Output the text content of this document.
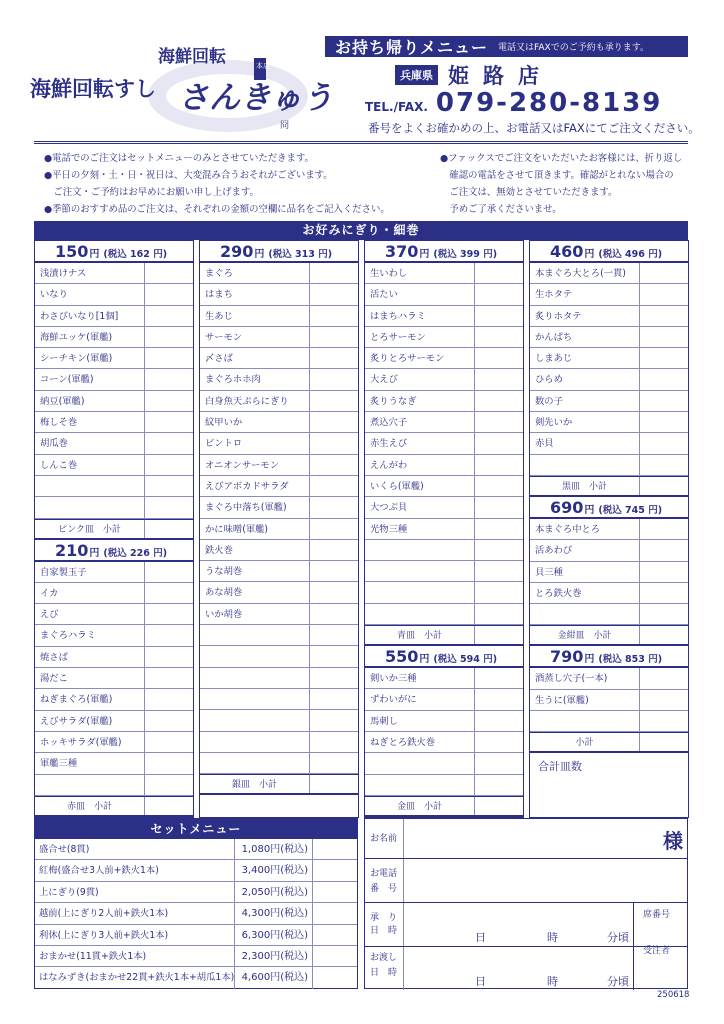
海鮮回転
海鮮回転すし さんきゅう
本店
冏
お持ち帰りメニュー 電話又はFAXでのご予約も承ります。
兵庫県 姫路店
TEL./FAX. 079-280-8139
番号をよくお確かめの上、お電話又はFAXにてご注文ください。
●電話でのご注文はセットメニューのみとさせていただきます。
●平日の夕刻・土・日・祝日は、大変混み合うおそれがございます。
　ご注文・ご予約はお早めにお願い申し上げます。
●季節のおすすめ品のご注文は、それぞれの金額の空欄に品名をご記入ください。
●ファックスでご注文をいただいたお客様には、折り返し
　確認の電話をさせて頂きます。確認がとれない場合の
　ご注文は、無効とさせていただきます。
　予めご了承くださいませ。
お好みにぎり・細巻
150 円 (税込 162 円)
浅漬けナス
いなり
わさびいなり[1個]
海鮮ユッケ(軍艦)
シーチキン(軍艦)
コーン(軍艦)
納豆(軍艦)
梅しそ巻
胡瓜巻
しんこ巻
ピンク皿　小計
210 円 (税込 226 円)
自家製玉子
イカ
えび
まぐろハラミ
焼さば
湯だこ
ねぎまぐろ(軍艦)
えびサラダ(軍艦)
ホッキサラダ(軍艦)
軍艦三種
赤皿　小計
290 円 (税込 313 円)
まぐろ
はまち
生あじ
サーモン
〆さば
まぐろホホ肉
白身魚天ぷらにぎり
紋甲いか
ビントロ
オニオンサーモン
えびアボカドサラダ
まぐろ中落ち(軍艦)
かに味噌(軍艦)
鉄火巻
うな胡巻
あな胡巻
いか胡巻
銀皿　小計
370 円 (税込 399 円)
生いわし
活たい
はまちハラミ
とろサーモン
炙りとろサーモン
大えび
炙りうなぎ
煮込穴子
赤生えび
えんがわ
いくら(軍艦)
大つぶ貝
光物三種
青皿　小計
550 円 (税込 594 円)
剣いか三種
ずわいがに
馬刺し
ねぎとろ鉄火巻
金皿　小計
460 円 (税込 496 円)
本まぐろ大とろ(一貫)
生ホタテ
炙りホタテ
かんぱち
しまあじ
ひらめ
数の子
剣先いか
赤貝
黒皿　小計
690 円 (税込 745 円)
本まぐろ中とろ
活あわび
貝三種
とろ鉄火巻
金紺皿　小計
790 円 (税込 853 円)
酒蒸し穴子(一本)
生うに(軍艦)
小計
合計皿数
セットメニュー
盛合せ(8貫)	1,080円(税込)
紅梅(盛合せ3人前+鉄火1本)	3,400円(税込)
上にぎり(9貫)	2,050円(税込)
越前(上にぎり2人前+鉄火1本)	4,300円(税込)
利休(上にぎり3人前+鉄火1本)	6,300円(税込)
おまかせ(11貫+鉄火1本)	2,300円(税込)
はなみずき(おまかせ22貫+鉄火1本+胡瓜1本) 4,600円(税込)
お名前	様
お電話
番　号
承　り
日　時	日	時	分頃
席番号
お渡し
日　時
日	時	分頃
受注者
250618
